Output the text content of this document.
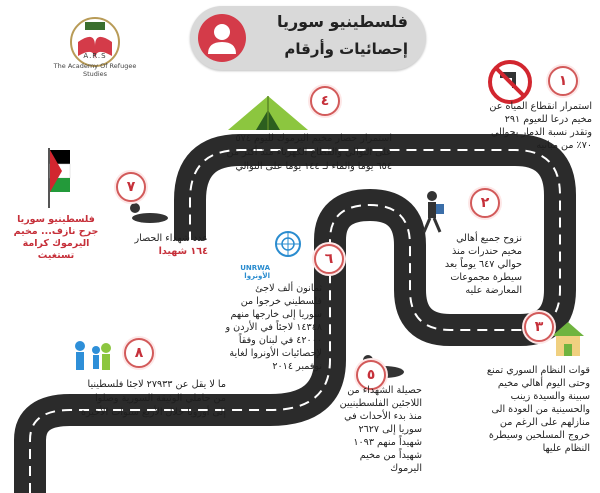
فلسطينيو سوريا
إحصائيات وأرقام
A.R.S
The Academy Of Refugee Studies
فلسطينيو سوريا
جرح نازف... مخيم
اليرموك كرامة
تستغيث
١
٢
٣
٤
٥
٦
٧
٨
استمرار انقطاع المياه عن
مخيم درعا للعيوم ٢٩١
وتقدر نسبة الدمار بحوالي
٧٠٪ من مبانيه
نزوح جميع أهالي
مخيم حندرات منذ
حوالي ٦٤٧ يوماً بعد
سيطرة مجموعات
المعارضة عليه
قوات النظام السوري تمنع
وحتى اليوم أهالي مخيم
سبينة والسيدة زينب
والحسينية من العودة الى
منازلهم على الرغم من
خروج المسلحين وسيطرة
النظام عليها
استمرار حصار مخيم اليرموك لليوم ٥٧٤
على التوالي والقطاع الكهرباء منذ أكثر من
٦٥٤ يوما والماء لـ ١٤٤ يوما على التوالي
حصيلة الشهداء من
اللاجئين الفلسطينيين
منذ بدء الأحداث في
سوريا إلى ٢٦٢٧
شهيداً منهم ١٠٩٣
شهيداً من مخيم
اليرموك
UNRWA
الأونروا
ثمانون ألف لاجئ
فلسطيني خرجوا من
سوريا إلى خارجها منهم
١٤٣٤٨ لاجئاً في الأردن و
٤٢٠٠٠ في لبنان وفقاً
لإحصائيات الأونروا لغاية
نوفمبر ٢٠١٤
عدد شهداء الحصار
١٦٤ شهيدا
ما لا يقل عن ٢٧٩٣٣ لاجئا فلسطينيا
من حاملي الوثيقة السورية وصلوا
إلى أوروبا خلال الأربع سنوات الأخيرة
